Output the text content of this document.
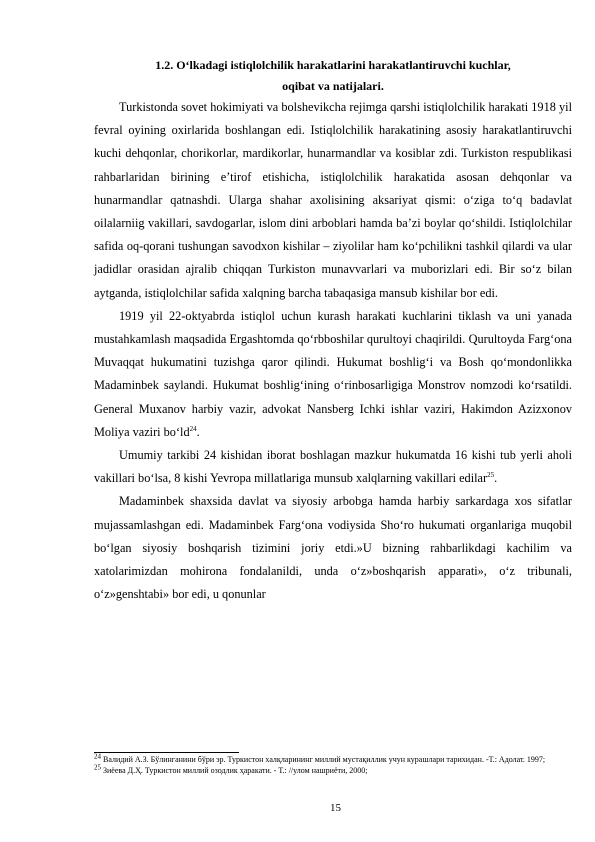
1.2. O‘lkadagi istiqlolchilik harakatlarini harakatlantiruvchi kuchlar,
oqibat va natijalari.

Turkistonda sovet hokimiyati va bolshevikcha rejimga qarshi istiqlolchilik harakati 1918 yil fevral oyining oxirlarida boshlangan edi. Istiqlolchilik harakatining asosiy harakatlantiruvchi kuchi dehqonlar, chorikorlar, mardikorlar, hunarmandlar va kosiblar zdi. Turkiston respublikasi rahbarlaridan birining e’tirof etishicha, istiqlolchilik harakatida asosan dehqonlar va hunarmandlar qatnashdi. Ularga shahar axolisining aksariyat qismi: o‘ziga to‘q badavlat oilalarniig vakillari, savdogarlar, islom dini arboblari hamda ba’zi boylar qo‘shildi. Istiqlolchilar safida oq-qorani tushungan savodxon kishilar – ziyolilar ham ko‘pchilikni tashkil qilardi va ular jadidlar orasidan ajralib chiqqan Turkiston munavvarlari va muborizlari edi. Bir so‘z bilan aytganda, istiqlolchilar safida xalqning barcha tabaqasiga mansub kishilar bor edi.

1919 yil 22-oktyabrda istiqlol uchun kurash harakati kuchlarini tiklash va uni yanada mustahkamlash maqsadida Ergashtomda qo‘rbboshilar qurultoyi chaqirildi. Qurultoyda Farg‘ona Muvaqqat hukumatini tuzishga qaror qilindi. Hukumat boshlig‘i va Bosh qo‘mondonlikka Madaminbek saylandi. Hukumat boshlig‘ining o‘rinbosarligiga Monstrov nomzodi ko‘rsatildi. General Muxanov harbiy vazir, advokat Nansberg Ichki ishlar vaziri, Hakimdon Azizxonov Moliya vaziri $bo‘ld^{24}$.

Umumiy tarkibi 24 kishidan iborat boshlagan mazkur hukumatda 16 kishi tub yerli aholi vakillari bo‘lsa, 8 kishi Yevropa millatlariga munsub xalqlarning vakillari edilar$^{25}$.

Madaminbek shaxsida davlat va siyosiy arbobga hamda harbiy sarkardaga xos sifatlar mujassamlashgan edi. Madaminbek Farg‘ona vodiysida Sho‘ro hukumati organlariga muqobil bo‘lgan siyosiy boshqarish tizimini joriy etdi.»U bizning rahbarlikdagi kachilim va xatolarimizdan mohirona fondalanildi, unda o‘z»boshqarish apparati», o‘z tribunali, o‘z»genshtabi» bor edi, u qonunlar

$^{24}$ Валидий А.З. Бўлинганини бўри эр. Туркистон халқларининг миллий мустақиллик учун курашлари тарихидан. -Т.: Адолат. 1997;

$^{25}$ Зиёева Д.Ҳ. Туркистон миллий озодлик ҳаракати. - Т.: //улом нашриёти, 2000;

15
